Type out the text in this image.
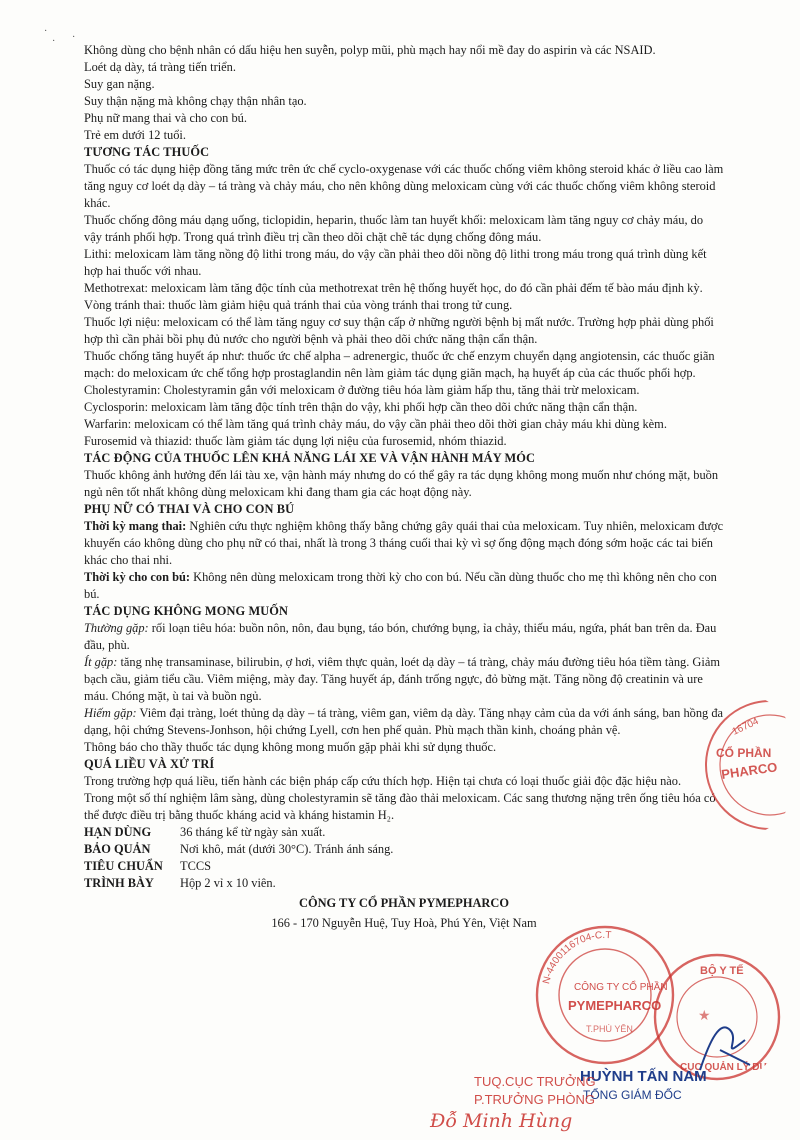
·
· ·

Không dùng cho bệnh nhân có dấu hiệu hen suyễn, polyp mũi, phù mạch hay nổi mề đay do aspirin và các NSAID.

Loét dạ dày, tá tràng tiến triển.

Suy gan nặng.

Suy thận nặng mà không chạy thận nhân tạo.

Phụ nữ mang thai và cho con bú.

Trẻ em dưới 12 tuổi.

TƯƠNG TÁC THUỐC

Thuốc có tác dụng hiệp đồng tăng mức trên ức chế cyclo-oxygenase với các thuốc chống viêm không steroid khác ở liều cao làm tăng nguy cơ loét dạ dày – tá tràng và chảy máu, cho nên không dùng meloxicam cùng với các thuốc chống viêm không steroid khác.

Thuốc chống đông máu dạng uống, ticlopidin, heparin, thuốc làm tan huyết khối: meloxicam làm tăng nguy cơ chảy máu, do vậy tránh phối hợp. Trong quá trình điều trị cần theo dõi chặt chẽ tác dụng chống đông máu.

Lithi: meloxicam làm tăng nồng độ lithi trong máu, do vậy cần phải theo dõi nồng độ lithi trong máu trong quá trình dùng kết hợp hai thuốc với nhau.

Methotrexat: meloxicam làm tăng độc tính của methotrexat trên hệ thống huyết học, do đó cần phải đếm tế bào máu định kỳ.

Vòng tránh thai: thuốc làm giảm hiệu quả tránh thai của vòng tránh thai trong tử cung.

Thuốc lợi niệu: meloxicam có thể làm tăng nguy cơ suy thận cấp ở những người bệnh bị mất nước. Trường hợp phải dùng phối hợp thì cần phải bồi phụ đủ nước cho người bệnh và phải theo dõi chức năng thận cẩn thận.

Thuốc chống tăng huyết áp như: thuốc ức chế alpha – adrenergic, thuốc ức chế enzym chuyển dạng angiotensin, các thuốc giãn mạch: do meloxicam ức chế tổng hợp prostaglandin nên làm giảm tác dụng giãn mạch, hạ huyết áp của các thuốc phối hợp.

Cholestyramin: Cholestyramin gắn với meloxicam ở đường tiêu hóa làm giảm hấp thu, tăng thải trừ meloxicam.

Cyclosporin: meloxicam làm tăng độc tính trên thận do vậy, khi phối hợp cần theo dõi chức năng thận cẩn thận.

Warfarin: meloxicam có thể làm tăng quá trình chảy máu, do vậy cần phải theo dõi thời gian chảy máu khi dùng kèm.

Furosemid và thiazid: thuốc làm giảm tác dụng lợi niệu của furosemid, nhóm thiazid.

TÁC ĐỘNG CỦA THUỐC LÊN KHẢ NĂNG LÁI XE VÀ VẬN HÀNH MÁY MÓC

Thuốc không ảnh hưởng đến lái tàu xe, vận hành máy nhưng do có thể gây ra tác dụng không mong muốn như chóng mặt, buồn ngủ nên tốt nhất không dùng meloxicam khi đang tham gia các hoạt động này.

PHỤ NỮ CÓ THAI VÀ CHO CON BÚ

Thời kỳ mang thai: Nghiên cứu thực nghiệm không thấy bằng chứng gây quái thai của meloxicam. Tuy nhiên, meloxicam được khuyến cáo không dùng cho phụ nữ có thai, nhất là trong 3 tháng cuối thai kỳ vì sợ ống động mạch đóng sớm hoặc các tai biến khác cho thai nhi.

Thời kỳ cho con bú: Không nên dùng meloxicam trong thời kỳ cho con bú. Nếu cần dùng thuốc cho mẹ thì không nên cho con bú.

TÁC DỤNG KHÔNG MONG MUỐN

Thường gặp: rối loạn tiêu hóa: buồn nôn, nôn, đau bụng, táo bón, chướng bụng, ỉa chảy, thiếu máu, ngứa, phát ban trên da. Đau đầu, phù.

Ít gặp: tăng nhẹ transaminase, bilirubin, ợ hơi, viêm thực quản, loét dạ dày – tá tràng, chảy máu đường tiêu hóa tiềm tàng. Giảm bạch cầu, giảm tiểu cầu. Viêm miệng, mày đay. Tăng huyết áp, đánh trống ngực, đỏ bừng mặt. Tăng nồng độ creatinin và ure máu. Chóng mặt, ù tai và buồn ngủ.

Hiếm gặp: Viêm đại tràng, loét thủng dạ dày – tá tràng, viêm gan, viêm dạ dày. Tăng nhạy cảm của da với ánh sáng, ban hồng đa dạng, hội chứng Stevens-Jonhson, hội chứng Lyell, cơn hen phế quản. Phù mạch thần kinh, choáng phản vệ.

Thông báo cho thầy thuốc tác dụng không mong muốn gặp phải khi sử dụng thuốc.

QUÁ LIỀU VÀ XỬ TRÍ

Trong trường hợp quá liều, tiến hành các biện pháp cấp cứu thích hợp. Hiện tại chưa có loại thuốc giải độc đặc hiệu nào.

Trong một số thí nghiệm lâm sàng, dùng cholestyramin sẽ tăng đào thải meloxicam. Các sang thương nặng trên ống tiêu hóa có thể được điều trị bằng thuốc kháng acid và kháng histamin H₂.

HẠN DÙNG	36 tháng kể từ ngày sản xuất.
BẢO QUẢN	Nơi khô, mát (dưới 30°C). Tránh ánh sáng.
TIÊU CHUẨN	TCCS
TRÌNH BÀY	Hộp 2 vỉ x 10 viên.
CÔNG TY CỔ PHẦN PYMEPHARCO
166 - 170 Nguyễn Huệ, Tuy Hoà, Phú Yên, Việt Nam
16704
CỔ PHẦN
PHARCO
N-4400116704-C.T
CÔNG TY CỔ PHẦN
PYMEPHARCO
T.PHÚ YÊN
BỘ Y TẾ
★
CỤC QUẢN LÝ DƯỢC
HUỲNH TẤN NAM
TỔNG GIÁM ĐỐC
TUQ.CỤC TRƯỞNG
P.TRƯỞNG PHÒNG
Đỗ Minh Hùng
